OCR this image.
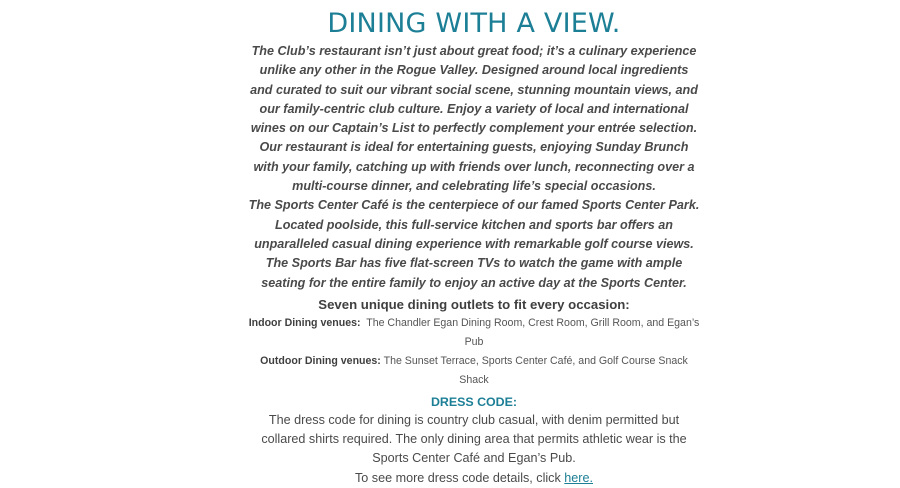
DINING WITH A VIEW.

The Club’s restaurant isn’t just about great food; it’s a culinary experience unlike any other in the Rogue Valley. Designed around local ingredients and curated to suit our vibrant social scene, stunning mountain views, and our family-centric club culture. Enjoy a variety of local and international wines on our Captain’s List to perfectly complement your entrée selection. Our restaurant is ideal for entertaining guests, enjoying Sunday Brunch with your family, catching up with friends over lunch, reconnecting over a multi-course dinner, and celebrating life’s special occasions.

The Sports Center Café is the centerpiece of our famed Sports Center Park. Located poolside, this full-service kitchen and sports bar offers an unparalleled casual dining experience with remarkable golf course views. The Sports Bar has five flat-screen TVs to watch the game with ample seating for the entire family to enjoy an active day at the Sports Center.

Seven unique dining outlets to fit every occasion:

Indoor Dining venues: The Chandler Egan Dining Room, Crest Room, Grill Room, and Egan’s Pub

Outdoor Dining venues: The Sunset Terrace, Sports Center Café, and Golf Course Snack Shack

DRESS CODE:

The dress code for dining is country club casual, with denim permitted but collared shirts required. The only dining area that permits athletic wear is the Sports Center Café and Egan’s Pub.

To see more dress code details, click here.
